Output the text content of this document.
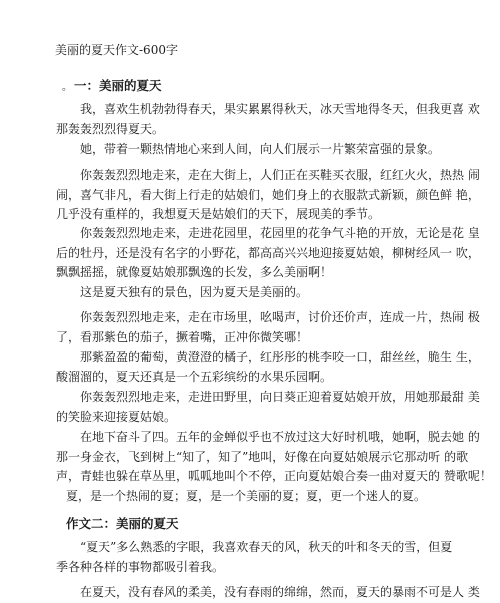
美丽的夏天作文-600字
。 一：美丽的夏天
我，喜欢生机勃勃得春天，果实累累得秋天，冰天雪地得冬天，但我更喜 欢
那轰轰烈烈得夏天。
她，带着一颗热情地心来到人间，向人们展示一片繁荣富强的景象。
你轰轰烈烈地走来，走在大街上，人们正在买鞋买衣服，红红火火，热热 闹
闹，喜气非凡，看大街上行走的姑娘们，她们身上的衣服款式新颖，颜色鲜 艳，
几乎没有重样的，我想夏天是姑娘们的天下，展现美的季节。
你轰轰烈烈地走来，走进花园里，花园里的花争气斗艳的开放，无论是花 皇
后的牡丹，还是没有名字的小野花，都高高兴兴地迎接夏姑娘，柳树经风一 吹，
飘飘摇摇，就像夏姑娘那飘逸的长发，多么美丽啊！
这是夏天独有的景色，因为夏天是美丽的。
你轰轰烈烈地走来，走在市场里，吆喝声，讨价还价声，连成一片，热闹 极
了，看那紫色的茄子，撅着嘴，正冲你微笑哪！
那紫盈盈的葡萄，黄澄澄的橘子，红彤彤的桃李咬一口，甜丝丝，脆生 生，
酸溜溜的，夏天还真是一个五彩缤纷的水果乐园啊。
你轰轰烈烈地走来，走进田野里，向日葵正迎着夏姑娘开放，用她那最甜 美
的笑脸来迎接夏姑娘。
在地下奋斗了四。五年的金蝉似乎也不放过这大好时机哦，她啊，脱去她 的
那一身金衣，飞到树上“知了，知了”地叫，好像在向夏姑娘展示它那动听 的歌
声，青蛙也躲在草丛里，呱呱地叫个不停，正向夏姑娘合奏一曲对夏天的 赞歌呢！
夏，是一个热闹的夏；夏，是一个美丽的夏；夏，更一个迷人的夏。
作文二：美丽的夏天
“夏天”多么熟悉的字眼，我喜欢春天的风，秋天的叶和冬天的雪，但夏
季各种各样的事物都吸引着我。
在夏天，没有春风的柔美，没有春雨的绵绵，然而，夏天的暴雨不可是人 类
